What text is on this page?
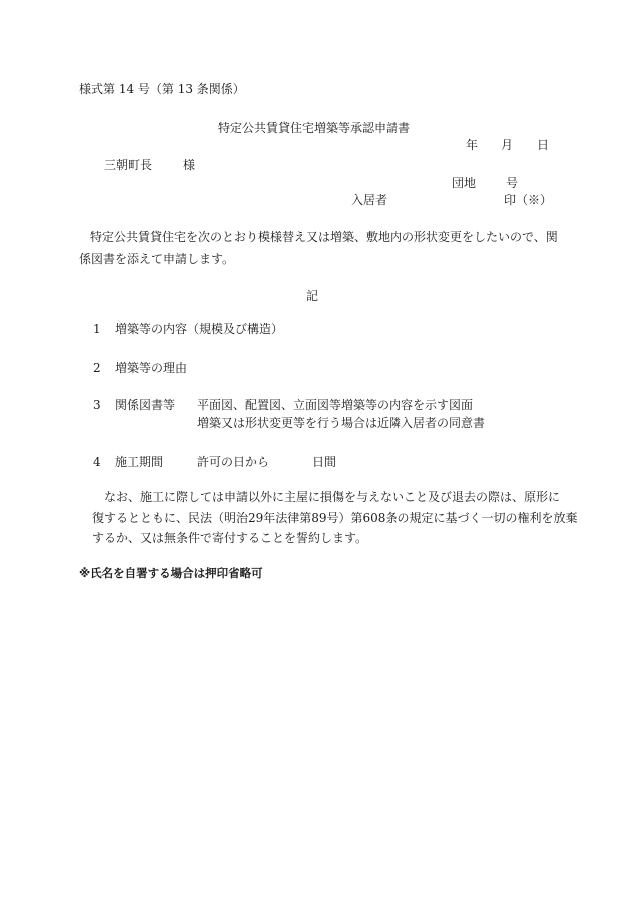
様式第 14 号（第 13 条関係）
特定公共賃貸住宅増築等承認申請書
年 月 日
三朝町長	様
団地 号
入居者	印（※）
特定公共賃貸住宅を次のとおり模様替え又は増築、敷地内の形状変更をしたいので、関
係図書を添えて申請します。
記
1 増築等の内容（規模及び構造）
2 増築等の理由
3 関係図書等 平面図、配置図、立面図等増築等の内容を示す図面
増築又は形状変更等を行う場合は近隣入居者の同意書
4 施工期間	許可の日から	日間
なお、施工に際しては申請以外に主屋に損傷を与えないこと及び退去の際は、原形に
復するとともに、民法（明治29年法律第89号）第608条の規定に基づく一切の権利を放棄
するか、又は無条件で寄付することを誓約します。
※氏名を自署する場合は押印省略可
